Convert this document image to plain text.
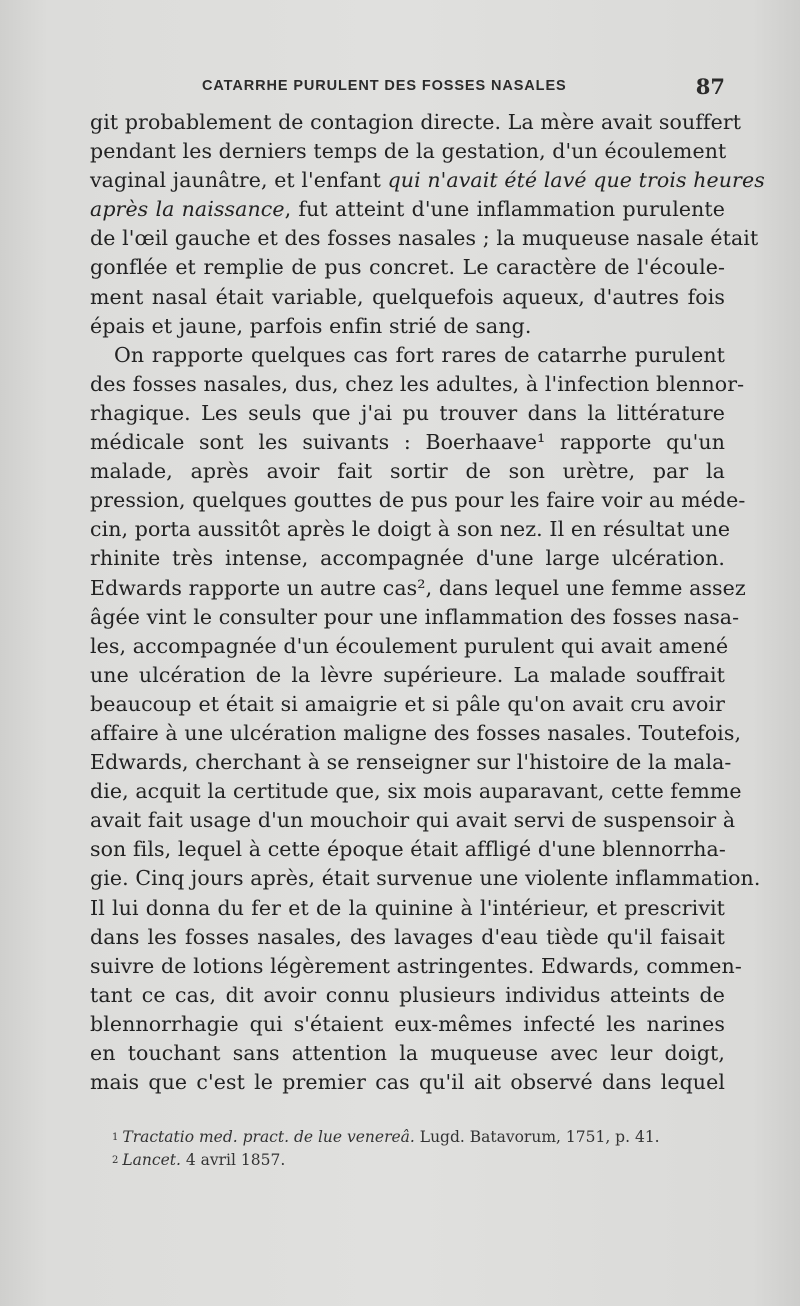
CATARRHE PURULENT DES FOSSES NASALES	87
git probablement de contagion directe. La mère avait souffert
pendant les derniers temps de la gestation, d'un écoulement
vaginal jaunâtre, et l'enfant qui n'avait été lavé que trois heures
après la naissance, fut atteint d'une inflammation purulente
de l'œil gauche et des fosses nasales ; la muqueuse nasale était
gonflée et remplie de pus concret. Le caractère de l'écoule-
ment nasal était variable, quelquefois aqueux, d'autres fois
épais et jaune, parfois enfin strié de sang.
On rapporte quelques cas fort rares de catarrhe purulent
des fosses nasales, dus, chez les adultes, à l'infection blennor-
rhagique. Les seuls que j'ai pu trouver dans la littérature
médicale sont les suivants : Boerhaave¹ rapporte qu'un
malade, après avoir fait sortir de son urètre, par la
pression, quelques gouttes de pus pour les faire voir au méde-
cin, porta aussitôt après le doigt à son nez. Il en résultat une
rhinite très intense, accompagnée d'une large ulcération.
Edwards rapporte un autre cas², dans lequel une femme assez
âgée vint le consulter pour une inflammation des fosses nasa-
les, accompagnée d'un écoulement purulent qui avait amené
une ulcération de la lèvre supérieure. La malade souffrait
beaucoup et était si amaigrie et si pâle qu'on avait cru avoir
affaire à une ulcération maligne des fosses nasales. Toutefois,
Edwards, cherchant à se renseigner sur l'histoire de la mala-
die, acquit la certitude que, six mois auparavant, cette femme
avait fait usage d'un mouchoir qui avait servi de suspensoir à
son fils, lequel à cette époque était affligé d'une blennorrha-
gie. Cinq jours après, était survenue une violente inflammation.
Il lui donna du fer et de la quinine à l'intérieur, et prescrivit
dans les fosses nasales, des lavages d'eau tiède qu'il faisait
suivre de lotions légèrement astringentes. Edwards, commen-
tant ce cas, dit avoir connu plusieurs individus atteints de
blennorrhagie qui s'étaient eux-mêmes infecté les narines
en touchant sans attention la muqueuse avec leur doigt,
mais que c'est le premier cas qu'il ait observé dans lequel
$^1$ Tractatio med. pract. de lue venereâ. Lugd. Batavorum, 1751, p. 41.
$^2$ Lancet. 4 avril 1857.
